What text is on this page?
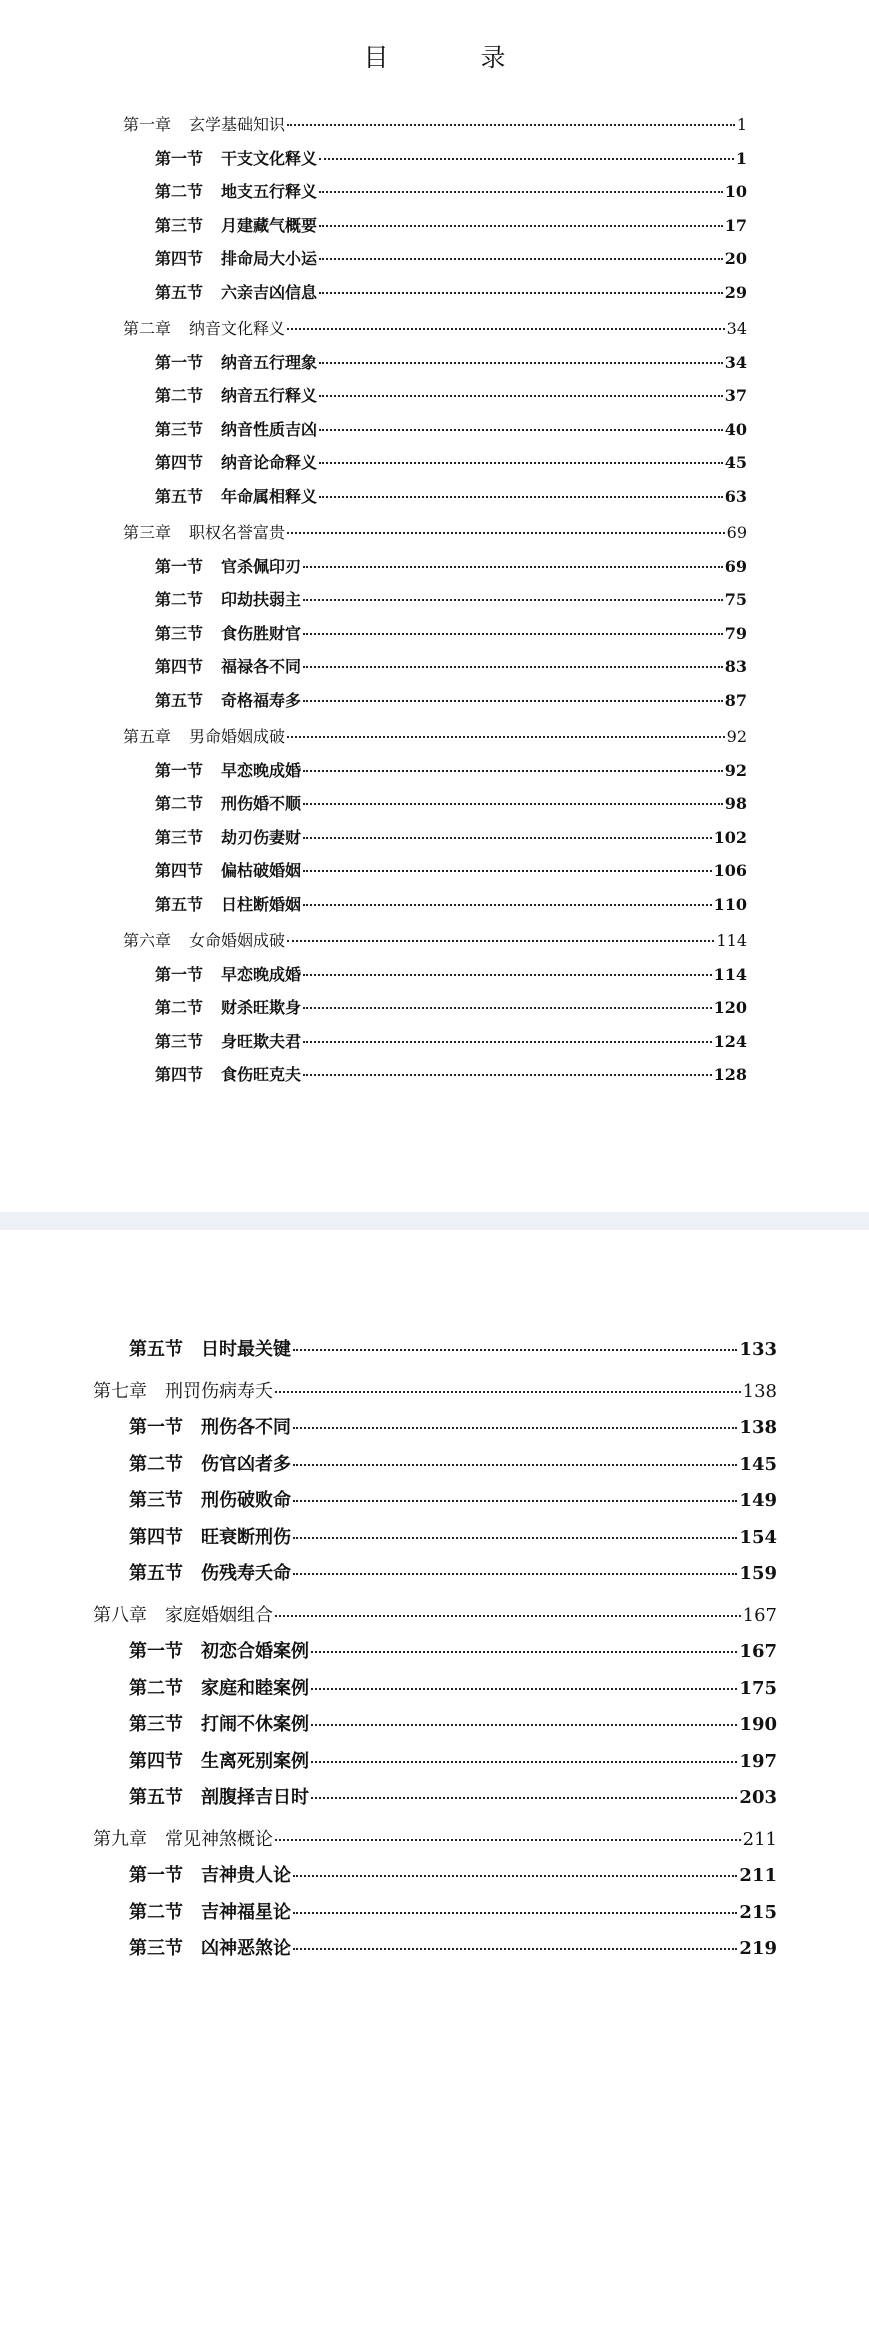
目 录
第一章	玄学基础知识	1
第一节	干支文化释义	1
第二节	地支五行释义	10
第三节	月建藏气概要	17
第四节	排命局大小运	20
第五节	六亲吉凶信息	29
第二章	纳音文化释义	34
第一节	纳音五行理象	34
第二节	纳音五行释义	37
第三节	纳音性质吉凶	40
第四节	纳音论命释义	45
第五节	年命属相释义	63
第三章	职权名誉富贵	69
第一节	官杀佩印刃	69
第二节	印劫扶弱主	75
第三节	食伤胜财官	79
第四节	福禄各不同	83
第五节	奇格福寿多	87
第五章	男命婚姻成破	92
第一节	早恋晚成婚	92
第二节	刑伤婚不顺	98
第三节	劫刃伤妻财	102
第四节	偏枯破婚姻	106
第五节	日柱断婚姻	110
第六章	女命婚姻成破	114
第一节	早恋晚成婚	114
第二节	财杀旺欺身	120
第三节	身旺欺夫君	124
第四节	食伤旺克夫	128
第五节	日时最关键	133
第七章	刑罚伤病寿夭	138
第一节	刑伤各不同	138
第二节	伤官凶者多	145
第三节	刑伤破败命	149
第四节	旺衰断刑伤	154
第五节	伤残寿夭命	159
第八章	家庭婚姻组合	167
第一节	初恋合婚案例	167
第二节	家庭和睦案例	175
第三节	打闹不休案例	190
第四节	生离死别案例	197
第五节	剖腹择吉日时	203
第九章	常见神煞概论	211
第一节	吉神贵人论	211
第二节	吉神福星论	215
第三节	凶神恶煞论	219
